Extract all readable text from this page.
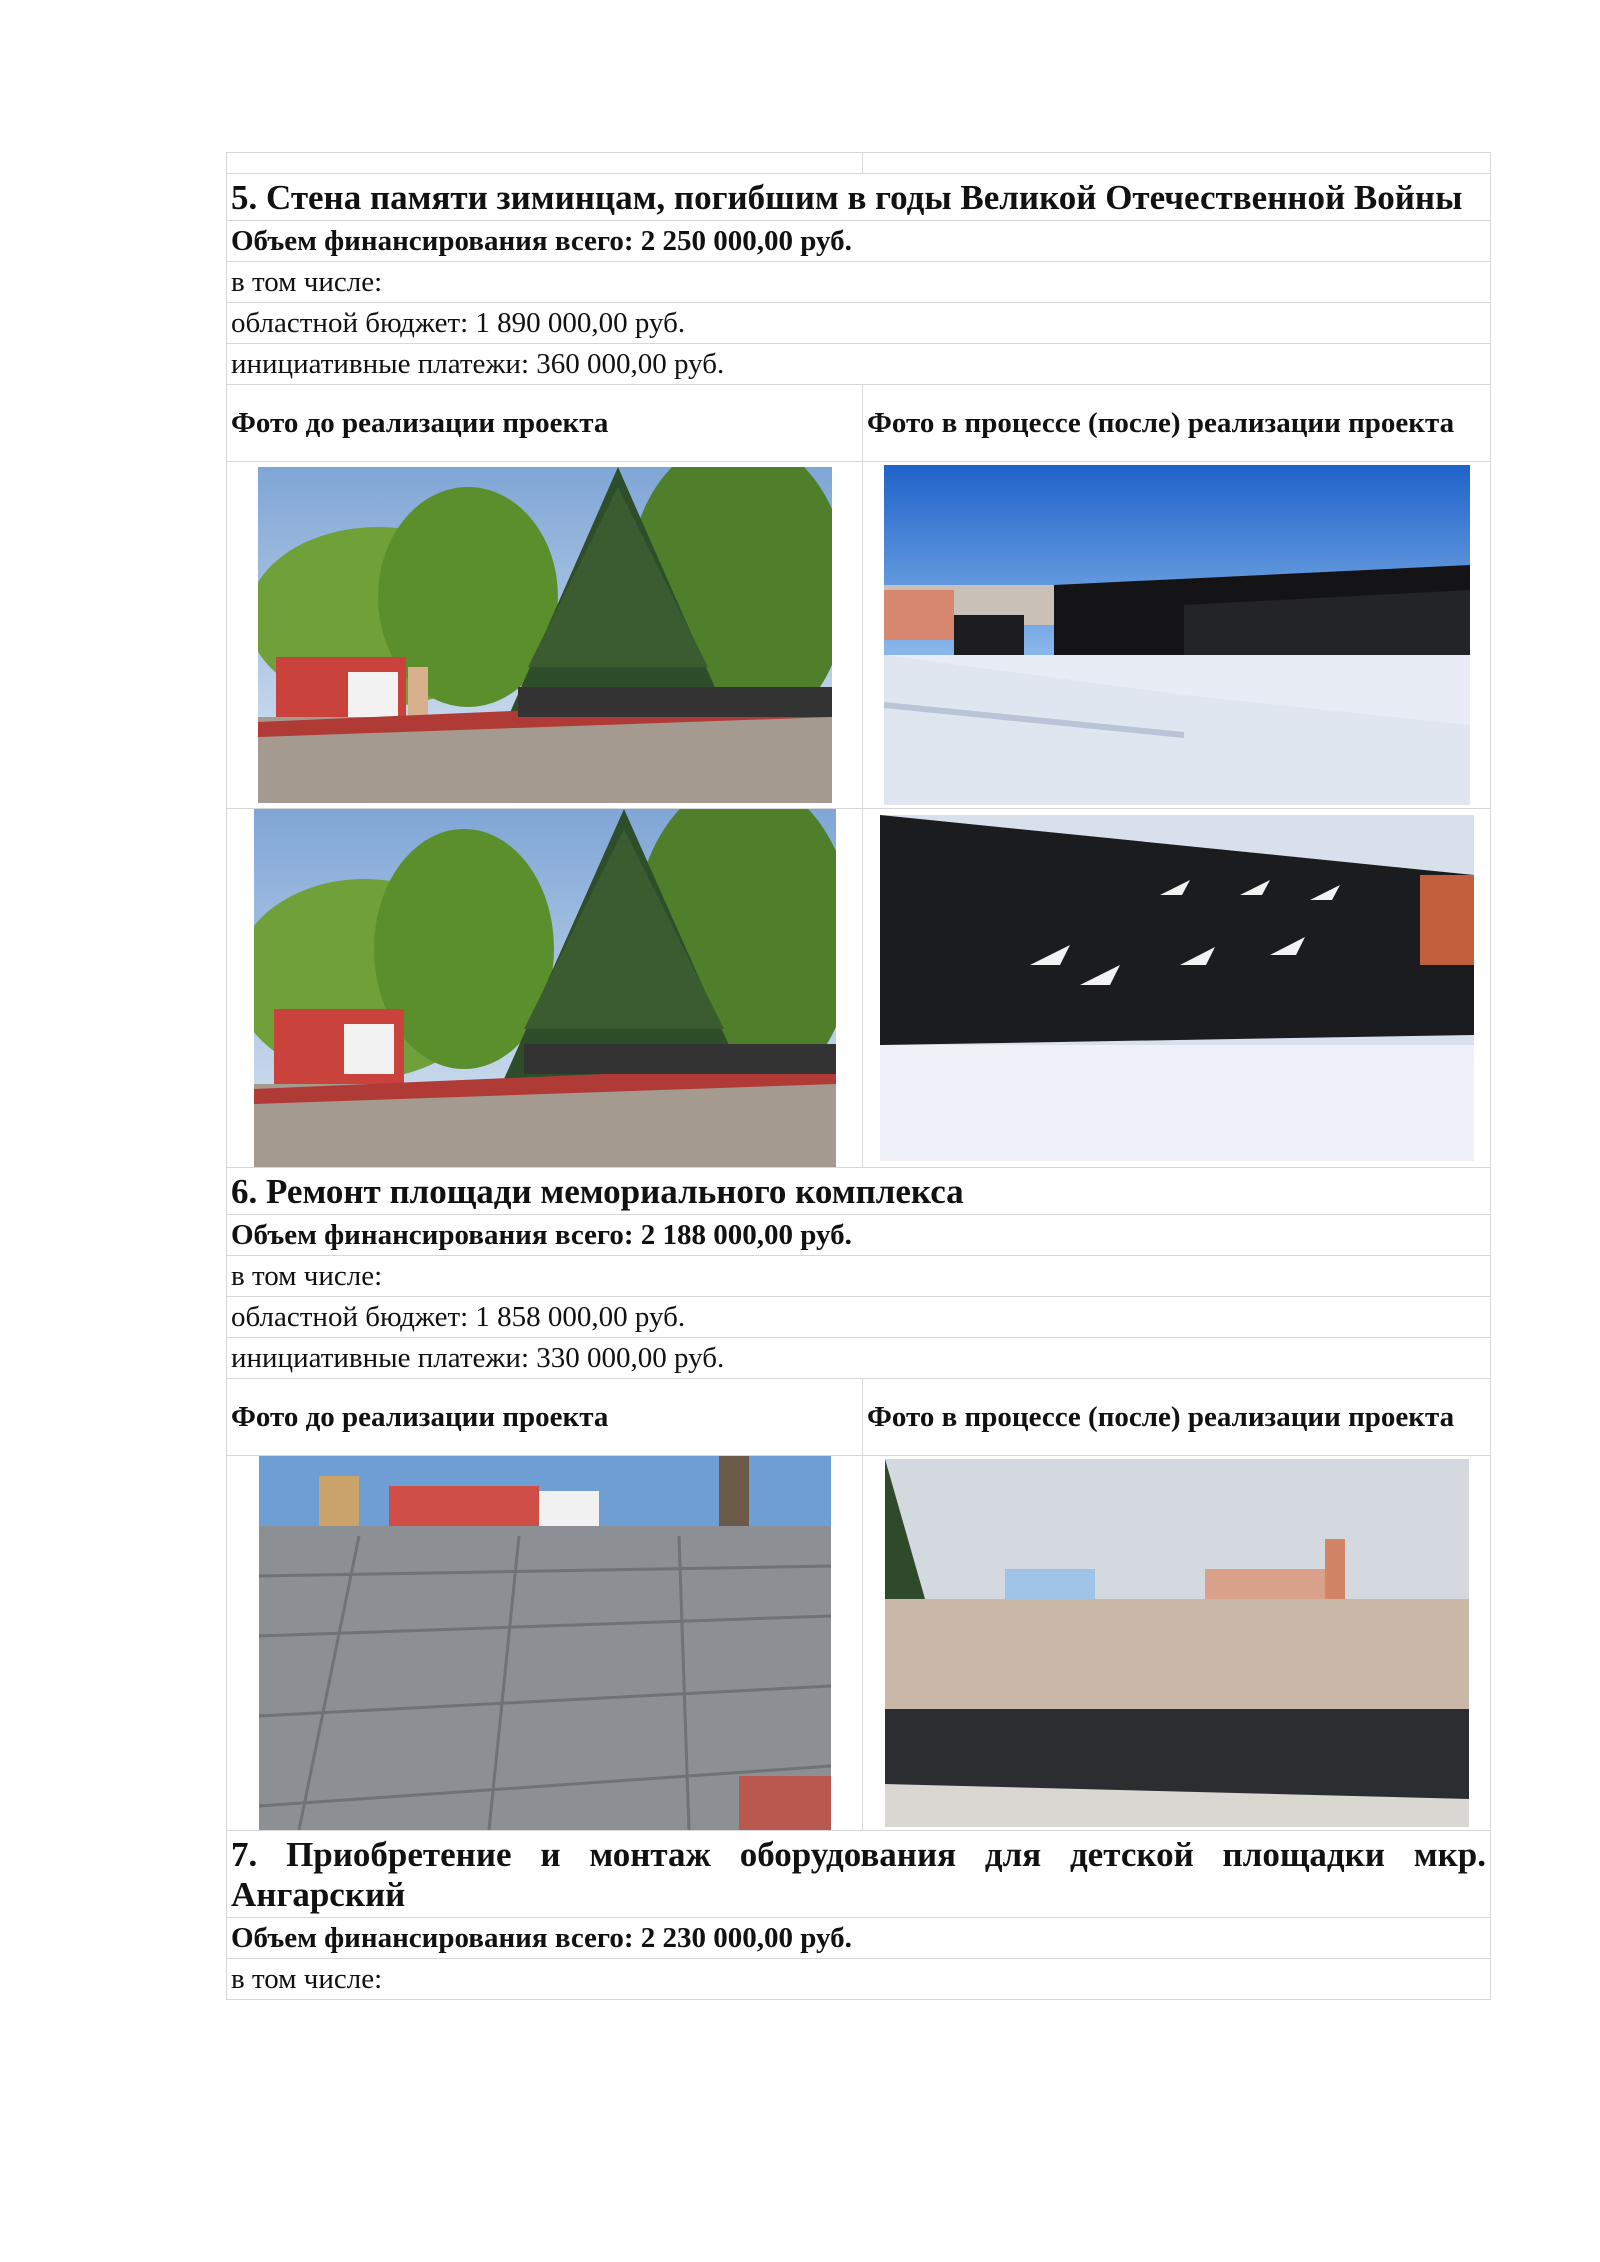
5. Стена памяти зиминцам, погибшим в годы Великой Отечественной Войны	
Объем финансирования всего: 2 250 000,00 руб.	
в том числе:	
областной бюджет: 1 890 000,00 руб.	
инициативные платежи: 360 000,00 руб.	
Фото до реализации проекта	Фото в процессе (после) реализации проекта

6. Ремонт площади мемориального комплекса	
Объем финансирования всего: 2 188 000,00 руб.	
в том числе:	
областной бюджет: 1 858 000,00 руб.	
инициативные платежи: 330 000,00 руб.	
Фото до реализации проекта	Фото в процессе (после) реализации проекта

7. Приобретение и монтаж оборудования для детской площадки мкр. Ангарский	
Объем финансирования всего: 2 230 000,00 руб.	
в том числе:	
